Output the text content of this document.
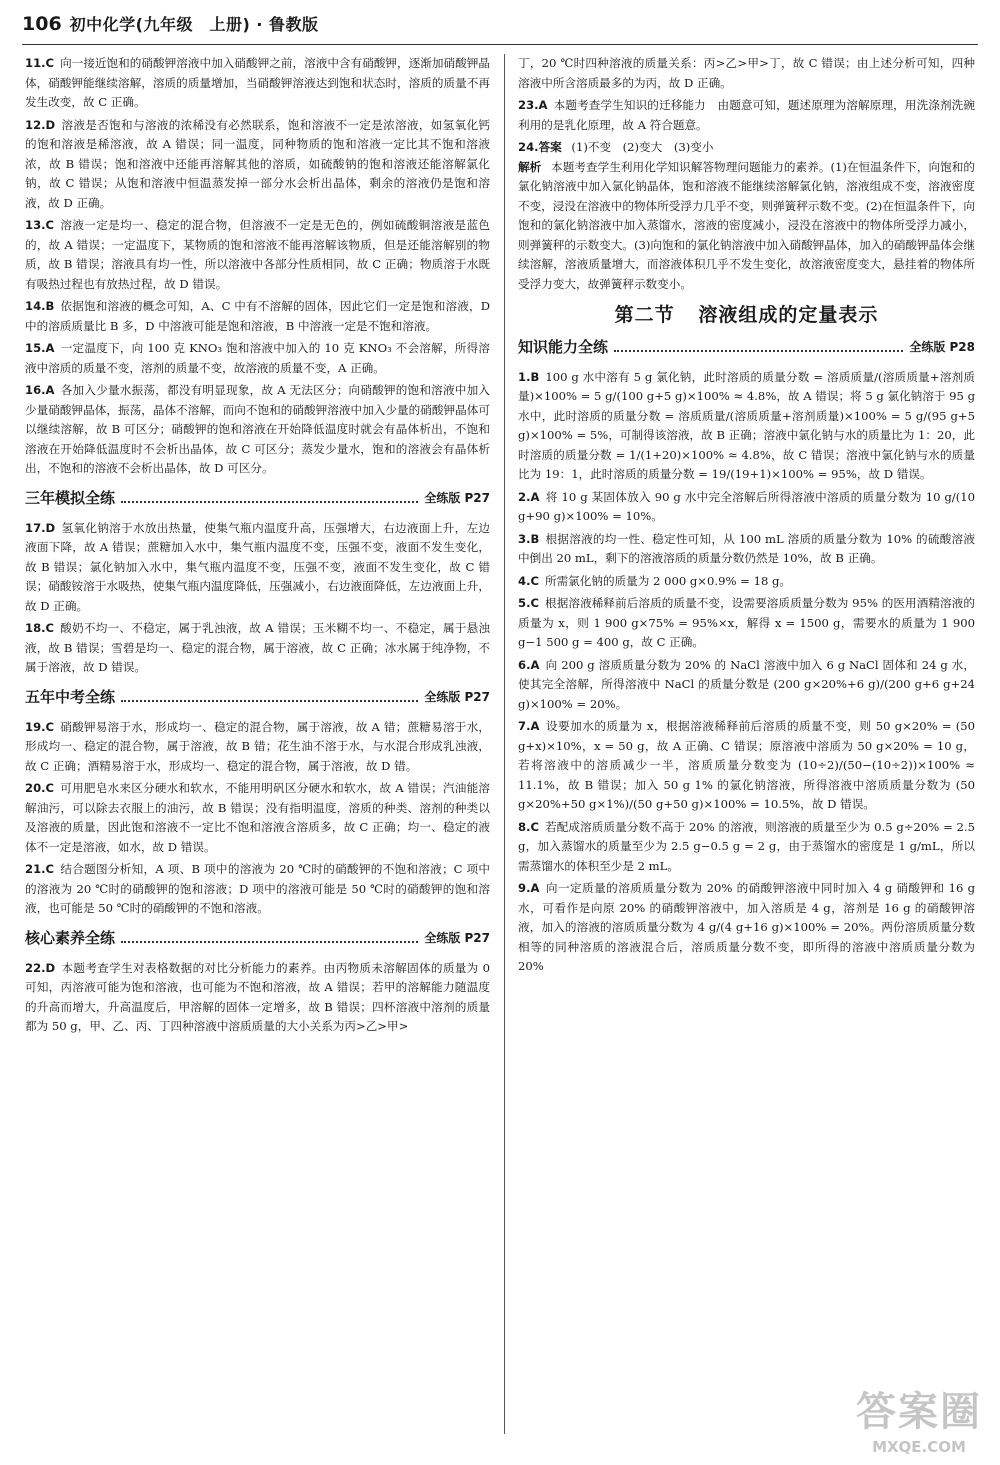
106 初中化学(九年级　上册) · 鲁教版

11.C 向一接近饱和的硝酸钾溶液中加入硝酸钾之前，溶液中含有硝酸钾，逐渐加硝酸钾晶体，硝酸钾能继续溶解，溶质的质量增加，当硝酸钾溶液达到饱和状态时，溶质的质量不再发生改变，故 C 正确。

12.D 溶液是否饱和与溶液的浓稀没有必然联系，饱和溶液不一定是浓溶液，如氢氧化钙的饱和溶液是稀溶液，故 A 错误；同一温度，同种物质的饱和溶液一定比其不饱和溶液浓，故 B 错误；饱和溶液中还能再溶解其他的溶质，如硫酸钠的饱和溶液还能溶解氯化钠，故 C 错误；从饱和溶液中恒温蒸发掉一部分水会析出晶体，剩余的溶液仍是饱和溶液，故 D 正确。

13.C 溶液一定是均一、稳定的混合物，但溶液不一定是无色的，例如硫酸铜溶液是蓝色的，故 A 错误；一定温度下，某物质的饱和溶液不能再溶解该物质，但是还能溶解别的物质，故 B 错误；溶液具有均一性，所以溶液中各部分性质相同，故 C 正确；物质溶于水既有吸热过程也有放热过程，故 D 错误。

14.B 依据饱和溶液的概念可知，A、C 中有不溶解的固体，因此它们一定是饱和溶液，D 中的溶质质量比 B 多，D 中溶液可能是饱和溶液，B 中溶液一定是不饱和溶液。

15.A 一定温度下，向 100 克 KNO₃ 饱和溶液中加入的 10 克 KNO₃ 不会溶解，所得溶液中溶质的质量不变，溶剂的质量不变，故溶液的质量不变，A 正确。

16.A 各加入少量水振荡，都没有明显现象，故 A 无法区分；向硝酸钾的饱和溶液中加入少量硝酸钾晶体，振荡，晶体不溶解，而向不饱和的硝酸钾溶液中加入少量的硝酸钾晶体可以继续溶解，故 B 可区分；硝酸钾的饱和溶液在开始降低温度时就会有晶体析出，不饱和溶液在开始降低温度时不会析出晶体，故 C 可区分；蒸发少量水，饱和的溶液会有晶体析出，不饱和的溶液不会析出晶体，故 D 可区分。

三年模拟全练	全练版 P27

17.D 氢氧化钠溶于水放出热量，使集气瓶内温度升高，压强增大，右边液面上升，左边液面下降，故 A 错误；蔗糖加入水中，集气瓶内温度不变，压强不变，液面不发生变化，故 B 错误；氯化钠加入水中，集气瓶内温度不变，压强不变，液面不发生变化，故 C 错误；硝酸铵溶于水吸热，使集气瓶内温度降低，压强减小，右边液面降低，左边液面上升，故 D 正确。

18.C 酸奶不均一、不稳定，属于乳浊液，故 A 错误；玉米糊不均一、不稳定，属于悬浊液，故 B 错误；雪碧是均一、稳定的混合物，属于溶液，故 C 正确；冰水属于纯净物，不属于溶液，故 D 错误。

五年中考全练	全练版 P27

19.C 硝酸钾易溶于水，形成均一、稳定的混合物，属于溶液，故 A 错；蔗糖易溶于水，形成均一、稳定的混合物，属于溶液，故 B 错；花生油不溶于水，与水混合形成乳浊液，故 C 正确；酒精易溶于水，形成均一、稳定的混合物，属于溶液，故 D 错。

20.C 可用肥皂水来区分硬水和软水，不能用明矾区分硬水和软水，故 A 错误；汽油能溶解油污，可以除去衣服上的油污，故 B 错误；没有指明温度，溶质的种类、溶剂的种类以及溶液的质量，因此饱和溶液不一定比不饱和溶液含溶质多，故 C 正确；均一、稳定的液体不一定是溶液，如水，故 D 错误。

21.C 结合题图分析知，A 项、B 项中的溶液为 20 ℃时的硝酸钾的不饱和溶液；C 项中的溶液为 20 ℃时的硝酸钾的饱和溶液；D 项中的溶液可能是 50 ℃时的硝酸钾的饱和溶液，也可能是 50 ℃时的硝酸钾的不饱和溶液。

核心素养全练	全练版 P27

22.D 本题考查学生对表格数据的对比分析能力的素养。由丙物质未溶解固体的质量为 0 可知，丙溶液可能为饱和溶液，也可能为不饱和溶液，故 A 错误；若甲的溶解能力随温度的升高而增大，升高温度后，甲溶解的固体一定增多，故 B 错误；四杯溶液中溶剂的质量都为 50 g，甲、乙、丙、丁四种溶液中溶质质量的大小关系为丙>乙>甲>

丁，20 ℃时四种溶液的质量关系：丙>乙>甲>丁，故 C 错误；由上述分析可知，四种溶液中所含溶质最多的为丙，故 D 正确。

23.A 本题考查学生知识的迁移能力　由题意可知，题述原理为溶解原理，用洗涤剂洗碗利用的是乳化原理，故 A 符合题意。

24.答案 (1)不变　(2)变大　(3)变小

解析 本题考查学生利用化学知识解答物理问题能力的素养。(1)在恒温条件下，向饱和的氯化钠溶液中加入氯化钠晶体，饱和溶液不能继续溶解氯化钠，溶液组成不变，溶液密度不变，浸没在溶液中的物体所受浮力几乎不变，则弹簧秤示数不变。(2)在恒温条件下，向饱和的氯化钠溶液中加入蒸馏水，溶液的密度减小，浸没在溶液中的物体所受浮力减小，则弹簧秤的示数变大。(3)向饱和的氯化钠溶液中加入硝酸钾晶体，加入的硝酸钾晶体会继续溶解，溶液质量增大，而溶液体积几乎不发生变化，故溶液密度变大，悬挂着的物体所受浮力变大，故弹簧秤示数变小。

第二节 溶液组成的定量表示
知识能力全练	全练版 P28

1.B 100 g 水中溶有 5 g 氯化钠，此时溶质的质量分数 = 溶质质量/(溶质质量+溶剂质量)×100% = 5 g/(100 g+5 g)×100% ≈ 4.8%，故 A 错误；将 5 g 氯化钠溶于 95 g 水中，此时溶质的质量分数 = 溶质质量/(溶质质量+溶剂质量)×100% = 5 g/(95 g+5 g)×100% = 5%，可制得该溶液，故 B 正确；溶液中氯化钠与水的质量比为 1：20，此时溶质的质量分数 = 1/(1+20)×100% ≈ 4.8%，故 C 错误；溶液中氯化钠与水的质量比为 19：1，此时溶质的质量分数 = 19/(19+1)×100% = 95%，故 D 错误。

2.A 将 10 g 某固体放入 90 g 水中完全溶解后所得溶液中溶质的质量分数为 10 g/(10 g+90 g)×100% = 10%。

3.B 根据溶液的均一性、稳定性可知，从 100 mL 溶质的质量分数为 10% 的硫酸溶液中倒出 20 mL，剩下的溶液溶质的质量分数仍然是 10%，故 B 正确。

4.C 所需氯化钠的质量为 2 000 g×0.9% = 18 g。

5.C 根据溶液稀释前后溶质的质量不变，设需要溶质质量分数为 95% 的医用酒精溶液的质量为 x，则 1 900 g×75% = 95%×x，解得 x = 1500 g，需要水的质量为 1 900 g−1 500 g = 400 g，故 C 正确。

6.A 向 200 g 溶质质量分数为 20% 的 NaCl 溶液中加入 6 g NaCl 固体和 24 g 水，使其完全溶解，所得溶液中 NaCl 的质量分数是 (200 g×20%+6 g)/(200 g+6 g+24 g)×100% = 20%。

7.A 设要加水的质量为 x，根据溶液稀释前后溶质的质量不变，则 50 g×20% = (50 g+x)×10%，x = 50 g，故 A 正确、C 错误；原溶液中溶质为 50 g×20% = 10 g，若将溶液中的溶质减少一半，溶质质量分数变为 (10÷2)/(50−(10÷2))×100% ≈ 11.1%，故 B 错误；加入 50 g 1% 的氯化钠溶液，所得溶液中溶质质量分数为 (50 g×20%+50 g×1%)/(50 g+50 g)×100% = 10.5%，故 D 错误。

8.C 若配成溶质质量分数不高于 20% 的溶液，则溶液的质量至少为 0.5 g÷20% = 2.5 g，加入蒸馏水的质量至少为 2.5 g−0.5 g = 2 g，由于蒸馏水的密度是 1 g/mL，所以需蒸馏水的体积至少是 2 mL。

9.A 向一定质量的溶质质量分数为 20% 的硝酸钾溶液中同时加入 4 g 硝酸钾和 16 g 水，可看作是向原 20% 的硝酸钾溶液中，加入溶质是 4 g，溶剂是 16 g 的硝酸钾溶液，加入的溶液的溶质质量分数为 4 g/(4 g+16 g)×100% = 20%。两份溶质质量分数相等的同种溶质的溶液混合后，溶质质量分数不变，即所得的溶液中溶质质量分数为 20%

答案圈
MXQE.COM
